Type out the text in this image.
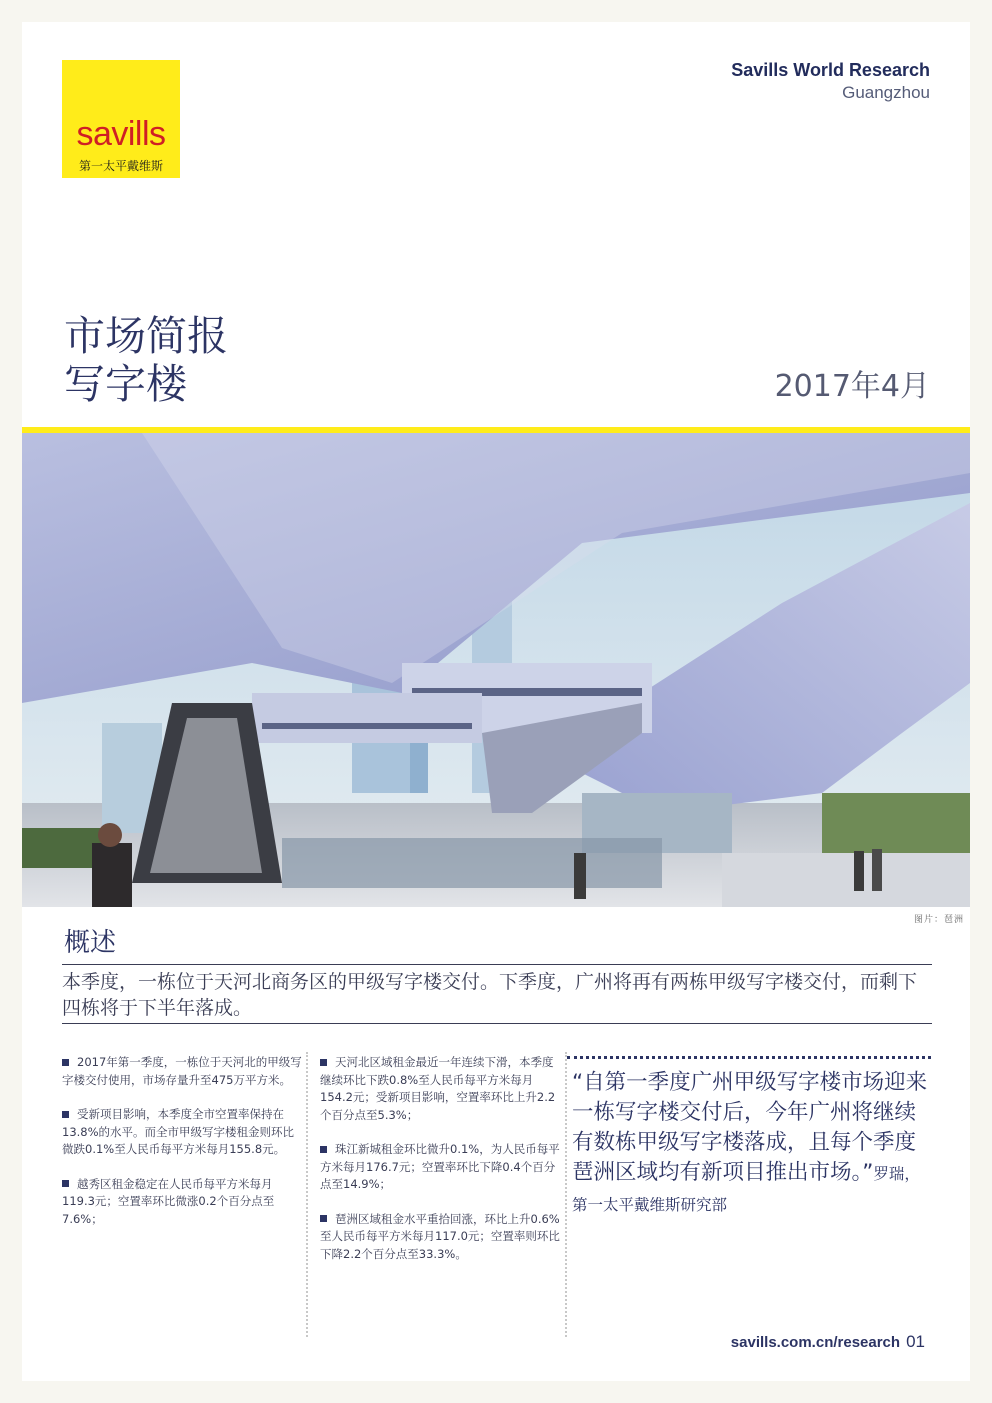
savills
第一太平戴维斯
Savills World Research
Guangzhou
市场简报
写字楼	2017年4月
图片：琶洲
概述
本季度，一栋位于天河北商务区的甲级写字楼交付。下季度，广州将再有两栋甲级写字楼交付，而剩下四栋将于下半年落成。
2017年第一季度，一栋位于天河北的甲级写字楼交付使用，市场存量升至475万平方米。
受新项目影响，本季度全市空置率保持在13.8%的水平。而全市甲级写字楼租金则环比微跌0.1%至人民币每平方米每月155.8元。
越秀区租金稳定在人民币每平方米每月119.3元；空置率环比微涨0.2个百分点至7.6%；
天河北区域租金最近一年连续下滑，本季度继续环比下跌0.8%至人民币每平方米每月154.2元；受新项目影响，空置率环比上升2.2个百分点至5.3%；
珠江新城租金环比微升0.1%，为人民币每平方米每月176.7元；空置率环比下降0.4个百分点至14.9%；
琶洲区域租金水平重拾回涨，环比上升0.6%至人民币每平方米每月117.0元；空置率则环比下降2.2个百分点至33.3%。
“自第一季度广州甲级写字楼市场迎来一栋写字楼交付后，今年广州将继续有数栋甲级写字楼落成，且每个季度琶洲区域均有新项目推出市场。”罗瑞，第一太平戴维斯研究部
savills.com.cn/research 01
